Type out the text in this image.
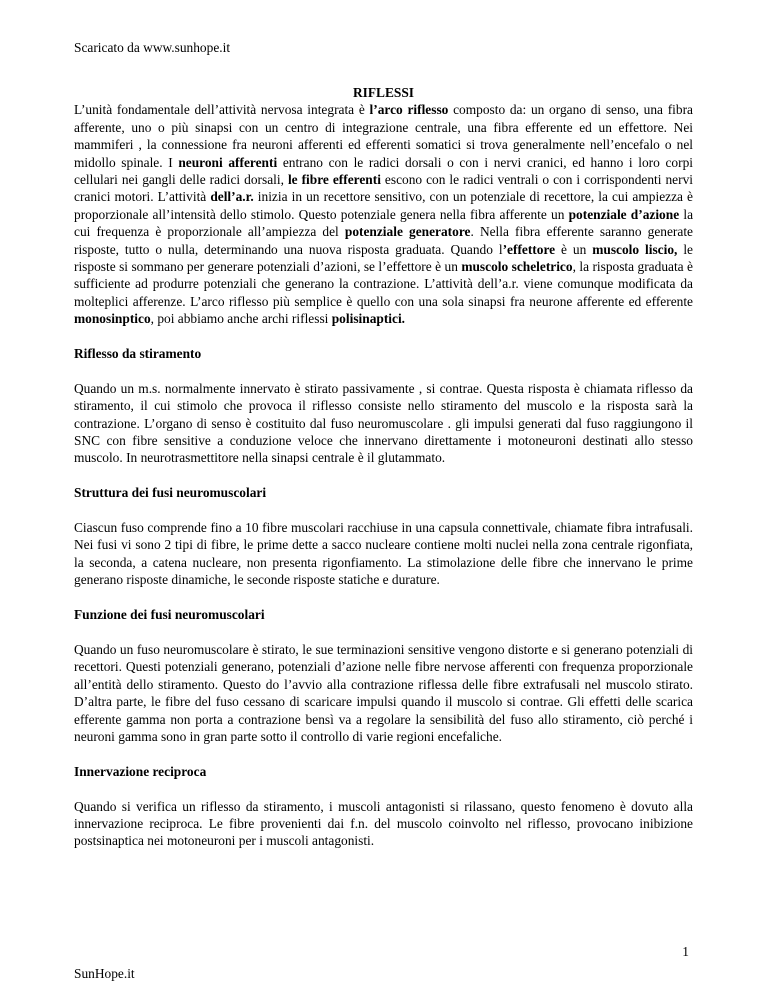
Scaricato da www.sunhope.it
RIFLESSI

L’unità fondamentale dell’attività nervosa integrata è l’arco riflesso composto da: un organo di senso, una fibra afferente, uno o più sinapsi con un centro di integrazione centrale, una fibra efferente ed un effettore. Nei mammiferi , la connessione fra neuroni afferenti ed efferenti somatici si trova generalmente nell’encefalo o nel midollo spinale. I neuroni afferenti entrano con le radici dorsali o con i nervi cranici, ed hanno i loro corpi cellulari nei gangli delle radici dorsali, le fibre efferenti escono con le radici ventrali o con i corrispondenti nervi cranici motori. L’attività dell’a.r. inizia in un recettore sensitivo, con un potenziale di recettore, la cui ampiezza è proporzionale all’intensità dello stimolo. Questo potenziale genera nella fibra afferente un potenziale d’azione la cui frequenza è proporzionale all’ampiezza del potenziale generatore. Nella fibra efferente saranno generate risposte, tutto o nulla, determinando una nuova risposta graduata. Quando l’effettore è un muscolo liscio, le risposte si sommano per generare potenziali d’azioni, se l’effettore è un muscolo scheletrico, la risposta graduata è sufficiente ad produrre potenziali che generano la contrazione. L’attività dell’a.r. viene comunque modificata da molteplici afferenze. L’arco riflesso più semplice è quello con una sola sinapsi fra neurone afferente ed efferente monosinptico, poi abbiamo anche archi riflessi polisinaptici.

Riflesso da stiramento

Quando un m.s. normalmente innervato è stirato passivamente , si contrae. Questa risposta è chiamata riflesso da stiramento, il cui stimolo che provoca il riflesso consiste nello stiramento del muscolo e la risposta sarà la contrazione. L’organo di senso è costituito dal fuso neuromuscolare . gli impulsi generati dal fuso raggiungono il SNC con fibre sensitive a conduzione veloce che innervano direttamente i motoneuroni destinati allo stesso muscolo. In neurotrasmettitore nella sinapsi centrale è il glutammato.

Struttura dei fusi neuromuscolari

Ciascun fuso comprende fino a 10 fibre muscolari racchiuse in una capsula connettivale, chiamate fibra intrafusali. Nei fusi vi sono 2 tipi di fibre, le prime dette a sacco nucleare contiene molti nuclei nella zona centrale rigonfiata, la seconda, a catena nucleare, non presenta rigonfiamento. La stimolazione delle fibre che innervano le prime generano risposte dinamiche, le seconde risposte statiche e durature.

Funzione dei fusi neuromuscolari

Quando un fuso neuromuscolare è stirato, le sue terminazioni sensitive vengono distorte e si generano potenziali di recettori. Questi potenziali generano, potenziali d’azione nelle fibre nervose afferenti con frequenza proporzionale all’entità dello stiramento. Questo do l’avvio alla contrazione riflessa delle fibre extrafusali nel muscolo stirato. D’altra parte, le fibre del fuso cessano di scaricare impulsi quando il muscolo si contrae. Gli effetti delle scarica efferente gamma non porta a contrazione bensì va a regolare la sensibilità del fuso allo stiramento, ciò perché i neuroni gamma sono in gran parte sotto il controllo di varie regioni encefaliche.

Innervazione reciproca

Quando si verifica un riflesso da stiramento, i muscoli antagonisti si rilassano, questo fenomeno è dovuto alla innervazione reciproca. Le fibre provenienti dai f.n. del muscolo coinvolto nel riflesso, provocano inibizione postsinaptica nei motoneuroni per i muscoli antagonisti.

1
SunHope.it
